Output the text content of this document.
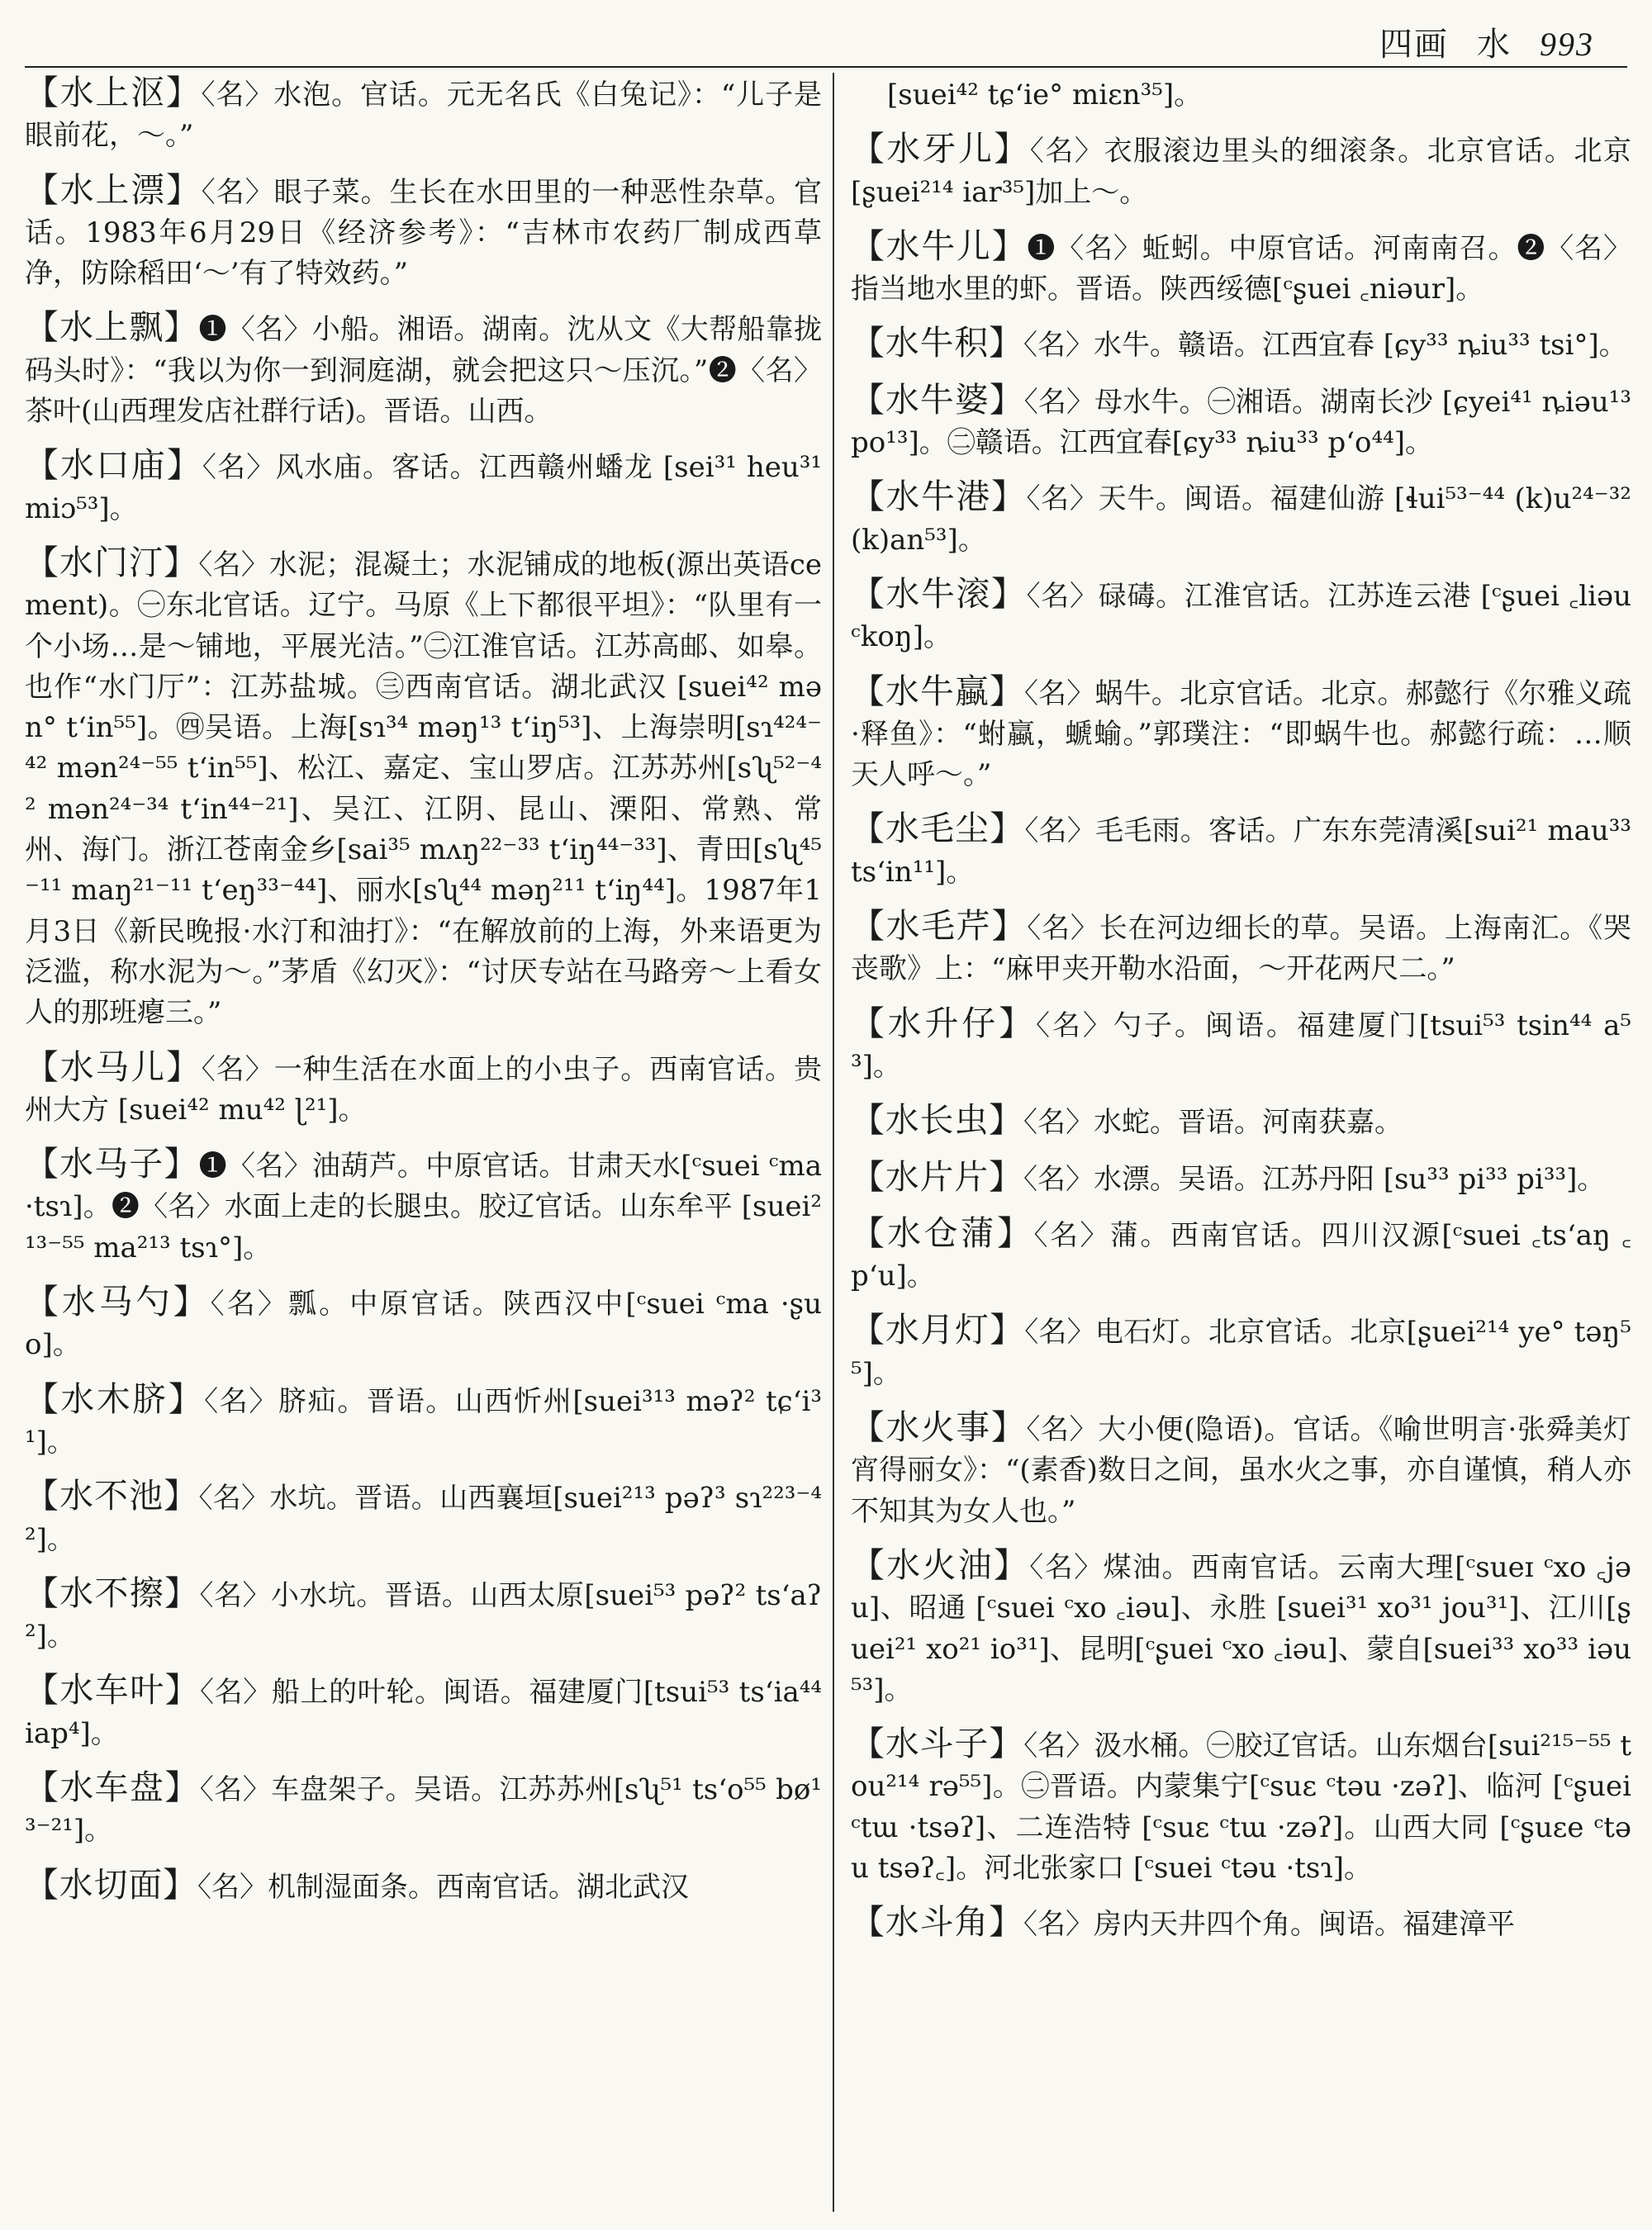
四画 水 993

【水上沤】〈名〉水泡。官话。元无名氏《白兔记》：“儿子是眼前花，～。”

【水上漂】〈名〉眼子菜。生长在水田里的一种恶性杂草。官话。1983年6月29日《经济参考》：“吉林市农药厂制成西草净，防除稻田‘～’有了特效药。”

【水上飘】❶〈名〉小船。湘语。湖南。沈从文《大帮船靠拢码头时》：“我以为你一到洞庭湖，就会把这只～压沉。”❷〈名〉茶叶(山西理发店社群行话)。晋语。山西。

【水口庙】〈名〉风水庙。客话。江西赣州蟠龙 [sei³¹ heu³¹ miɔ⁵³]。

【水门汀】〈名〉水泥；混凝土；水泥铺成的地板(源出英语cement)。㊀东北官话。辽宁。马原《上下都很平坦》：“队里有一个小场…是～铺地，平展光洁。”㊁江淮官话。江苏高邮、如皋。也作“水门厅”：江苏盐城。㊂西南官话。湖北武汉 [suei⁴² mən° t‘in⁵⁵]。㊃吴语。上海[sɿ³⁴ məŋ¹³ t‘iŋ⁵³]、上海崇明[sɿ⁴²⁴⁻⁴² mən²⁴⁻⁵⁵ t‘in⁵⁵]、松江、嘉定、宝山罗店。江苏苏州[sʯ⁵²⁻⁴² mən²⁴⁻³⁴ t‘in⁴⁴⁻²¹]、吴江、江阴、昆山、溧阳、常熟、常州、海门。浙江苍南金乡[sai³⁵ mʌŋ²²⁻³³ t‘iŋ⁴⁴⁻³³]、青田[sʯ⁴⁵⁻¹¹ maŋ²¹⁻¹¹ t‘eŋ³³⁻⁴⁴]、丽水[sʯ⁴⁴ məŋ²¹¹ t‘iŋ⁴⁴]。1987年1月3日《新民晚报·水汀和油打》：“在解放前的上海，外来语更为泛滥，称水泥为～。”茅盾《幻灭》：“讨厌专站在马路旁～上看女人的那班瘪三。”

【水马儿】〈名〉一种生活在水面上的小虫子。西南官话。贵州大方 [suei⁴² mu⁴² ɭ²¹]。

【水马子】❶〈名〉油葫芦。中原官话。甘肃天水[ᶜsuei ᶜma ·tsɿ]。❷〈名〉水面上走的长腿虫。胶辽官话。山东牟平 [suei²¹³⁻⁵⁵ ma²¹³ tsɿ°]。

【水马勺】〈名〉瓢。中原官话。陕西汉中[ᶜsuei ᶜma ·ʂuo]。

【水木脐】〈名〉脐疝。晋语。山西忻州[suei³¹³ məʔ² tɕ‘i³¹]。

【水不池】〈名〉水坑。晋语。山西襄垣[suei²¹³ pəʔ³ sɿ²²³⁻⁴²]。

【水不擦】〈名〉小水坑。晋语。山西太原[suei⁵³ pəʔ² ts‘aʔ²]。

【水车叶】〈名〉船上的叶轮。闽语。福建厦门[tsui⁵³ ts‘ia⁴⁴ iap⁴]。

【水车盘】〈名〉车盘架子。吴语。江苏苏州[sʯ⁵¹ ts‘o⁵⁵ bø¹³⁻²¹]。

【水切面】〈名〉机制湿面条。西南官话。湖北武汉

[suei⁴² tɕ‘ie° miɛn³⁵]。

【水牙儿】〈名〉衣服滚边里头的细滚条。北京官话。北京 [ʂuei²¹⁴ iar³⁵]加上～。

【水牛儿】❶〈名〉蚯蚓。中原官话。河南南召。❷〈名〉指当地水里的虾。晋语。陕西绥德[ᶜʂuei ꜀niəur]。

【水牛积】〈名〉水牛。赣语。江西宜春 [ɕy³³ ȵiu³³ tsi°]。

【水牛婆】〈名〉母水牛。㊀湘语。湖南长沙 [ɕyei⁴¹ ȵiəu¹³ po¹³]。㊁赣语。江西宜春[ɕy³³ ȵiu³³ p‘o⁴⁴]。

【水牛港】〈名〉天牛。闽语。福建仙游 [ɬui⁵³⁻⁴⁴ (k)u²⁴⁻³² (k)an⁵³]。

【水牛滚】〈名〉碌碡。江淮官话。江苏连云港 [ᶜʂuei ꜀liəu ᶜkoŋ]。

【水牛蠃】〈名〉蜗牛。北京官话。北京。郝懿行《尔雅义疏·释鱼》：“蚹蠃，螔蝓。”郭璞注：“即蜗牛也。郝懿行疏：…顺天人呼～。”

【水毛尘】〈名〉毛毛雨。客话。广东东莞清溪[sui²¹ mau³³ ts‘in¹¹]。

【水毛芹】〈名〉长在河边细长的草。吴语。上海南汇。《哭丧歌》上：“麻甲夹开勒水沿面，～开花两尺二。”

【水升仔】〈名〉勺子。闽语。福建厦门[tsui⁵³ tsin⁴⁴ a⁵³]。

【水长虫】〈名〉水蛇。晋语。河南获嘉。

【水片片】〈名〉水漂。吴语。江苏丹阳 [su³³ pi³³ pi³³]。

【水仓蒲】〈名〉蒲。西南官话。四川汉源[ᶜsuei ꜀ts‘aŋ ꜀p‘u]。

【水月灯】〈名〉电石灯。北京官话。北京[ʂuei²¹⁴ ye° təŋ⁵⁵]。

【水火事】〈名〉大小便(隐语)。官话。《喻世明言·张舜美灯宵得丽女》：“(素香)数日之间，虽水火之事，亦自谨慎，稍人亦不知其为女人也。”

【水火油】〈名〉煤油。西南官话。云南大理[ᶜsueɪ ᶜxo ꜀jəu]、昭通 [ᶜsuei ᶜxo ꜀iəu]、永胜 [suei³¹ xo³¹ jou³¹]、江川[ʂuei²¹ xo²¹ io³¹]、昆明[ᶜʂuei ᶜxo ꜀iəu]、蒙自[suei³³ xo³³ iəu⁵³]。

【水斗子】〈名〉汲水桶。㊀胶辽官话。山东烟台[sui²¹⁵⁻⁵⁵ tou²¹⁴ rə⁵⁵]。㊁晋语。内蒙集宁[ᶜsuɛ ᶜtəu ·zəʔ]、临河 [ᶜʂuei ᶜtɯ ·tsəʔ]、二连浩特 [ᶜsuɛ ᶜtɯ ·zəʔ]。山西大同 [ᶜʂuɛe ᶜtəu tsəʔ꜀]。河北张家口 [ᶜsuei ᶜtəu ·tsɿ]。

【水斗角】〈名〉房内天井四个角。闽语。福建漳平
